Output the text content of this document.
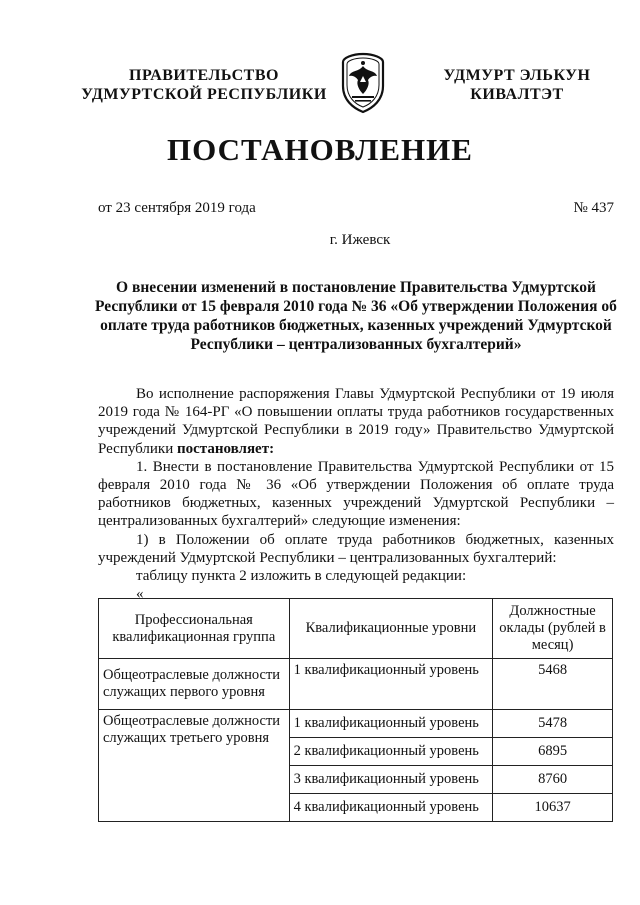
ПРАВИТЕЛЬСТВО
УДМУРТСКОЙ РЕСПУБЛИКИ
УДМУРТ ЭЛЬКУН
КИВАЛТЭТ
ПОСТАНОВЛЕНИЕ
от 23 сентября 2019 года	№ 437
г. Ижевск
О внесении изменений в постановление Правительства Удмуртской
Республики от 15 февраля 2010 года № 36 «Об утверждении Положения об
оплате труда работников бюджетных, казенных учреждений Удмуртской
Республики – централизованных бухгалтерий»

Во исполнение распоряжения Главы Удмуртской Республики от 19 июля 2019 года № 164-РГ «О повышении оплаты труда работников государственных учреждений Удмуртской Республики в 2019 году» Правительство Удмуртской Республики постановляет:

1. Внести в постановление Правительства Удмуртской Республики от 15 февраля 2010 года № 36 «Об утверждении Положения об оплате труда работников бюджетных, казенных учреждений Удмуртской Республики – централизованных бухгалтерий» следующие изменения:

1) в Положении об оплате труда работников бюджетных, казенных учреждений Удмуртской Республики – централизованных бухгалтерий:

таблицу пункта 2 изложить в следующей редакции:

«

Профессиональная квалификационная группа	Квалификационные уровни	Должностные оклады (рублей в месяц)
Общеотраслевые должности служащих первого уровня	1 квалификационный уровень	5468
Общеотраслевые должности служащих третьего уровня	1 квалификационный уровень	5478
	2 квалификационный уровень	6895
	3 квалификационный уровень	8760
	4 квалификационный уровень	10637
